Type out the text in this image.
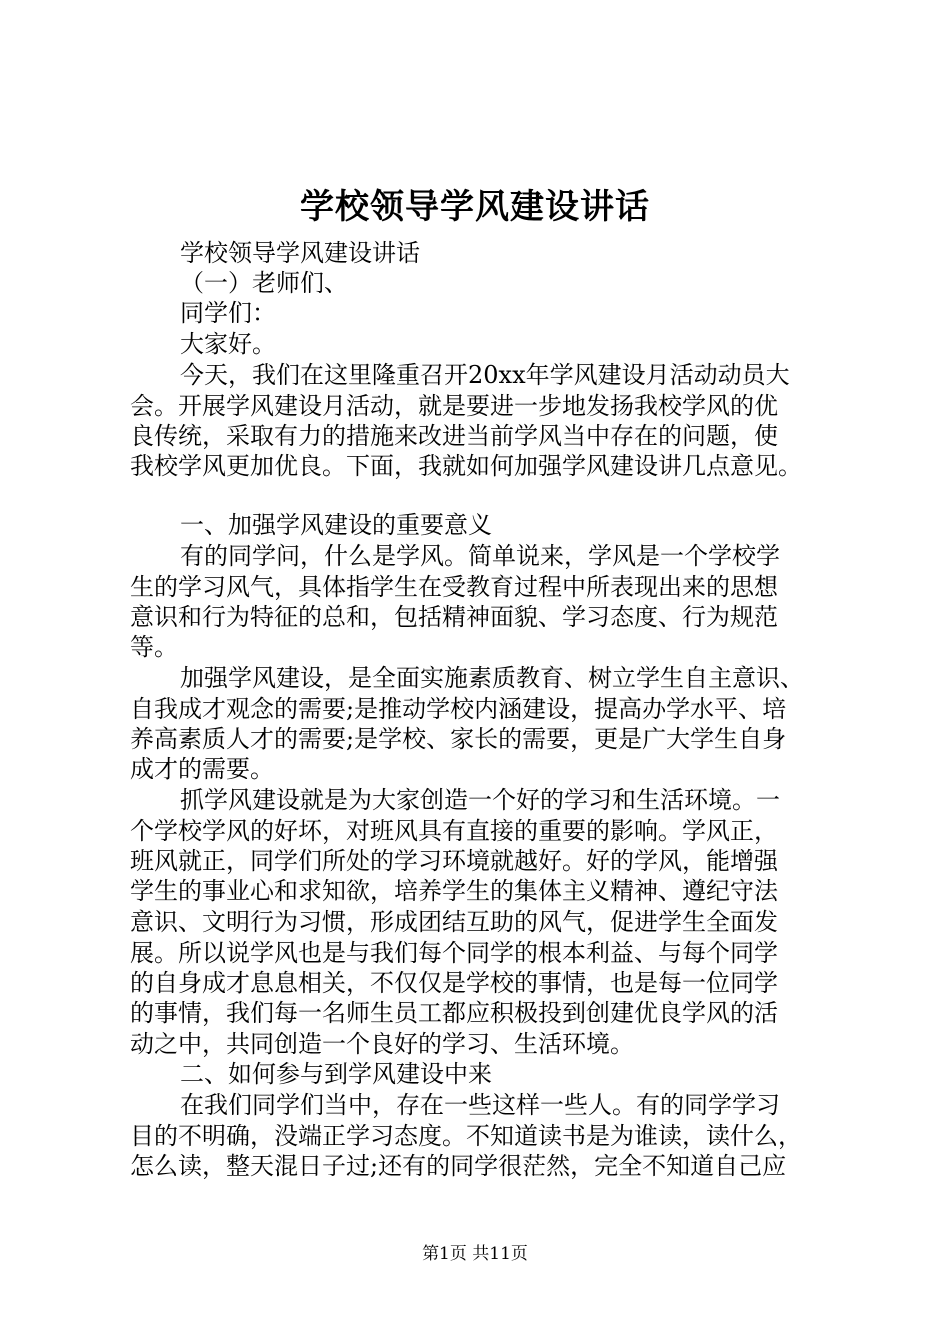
学校领导学风建设讲话
学校领导学风建设讲话
（一）老师们、
同学们：
大家好。
今天，我们在这里隆重召开20xx年学风建设月活动动员大
会。开展学风建设月活动，就是要进一步地发扬我校学风的优
良传统，采取有力的措施来改进当前学风当中存在的问题，使
我校学风更加优良。下面，我就如何加强学风建设讲几点意见。
一、加强学风建设的重要意义
有的同学问，什么是学风。简单说来，学风是一个学校学
生的学习风气，具体指学生在受教育过程中所表现出来的思想
意识和行为特征的总和，包括精神面貌、学习态度、行为规范
等。
加强学风建设，是全面实施素质教育、树立学生自主意识、
自我成才观念的需要;是推动学校内涵建设，提高办学水平、培
养高素质人才的需要;是学校、家长的需要，更是广大学生自身
成才的需要。
抓学风建设就是为大家创造一个好的学习和生活环境。一
个学校学风的好坏，对班风具有直接的重要的影响。学风正，
班风就正，同学们所处的学习环境就越好。好的学风，能增强
学生的事业心和求知欲，培养学生的集体主义精神、遵纪守法
意识、文明行为习惯，形成团结互助的风气，促进学生全面发
展。所以说学风也是与我们每个同学的根本利益、与每个同学
的自身成才息息相关，不仅仅是学校的事情，也是每一位同学
的事情，我们每一名师生员工都应积极投到创建优良学风的活
动之中，共同创造一个良好的学习、生活环境。
二、如何参与到学风建设中来
在我们同学们当中，存在一些这样一些人。有的同学学习
目的不明确，没端正学习态度。不知道读书是为谁读，读什么，
怎么读，整天混日子过;还有的同学很茫然，完全不知道自己应
第1页 共11页
